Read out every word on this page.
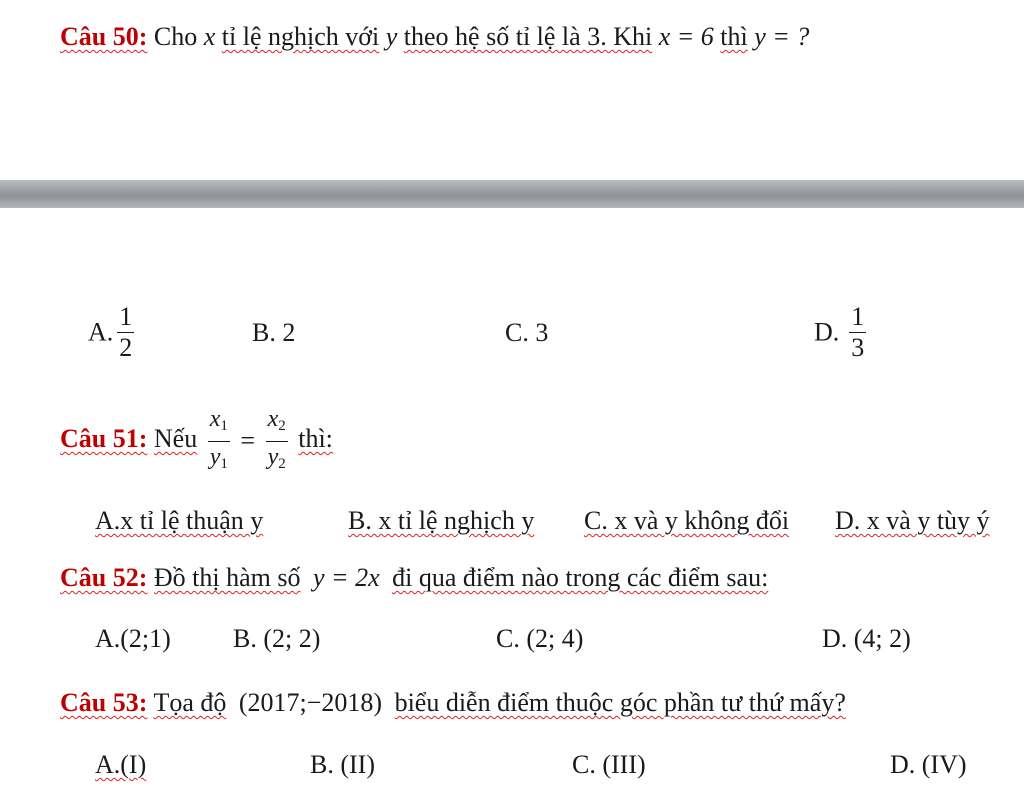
Câu 50: Cho x tỉ lệ nghịch với y theo hệ số tỉ lệ là 3. Khi x = 6 thì y = ?
A. $\frac{1}{2}$	B. 2	C. 3	D. $\frac{1}{3}$
Câu 51: Nếu $\frac{x_1}{y_1} = \frac{x_2}{y_2}$ thì:
A.x tỉ lệ thuận y	B. x tỉ lệ nghịch y C. x và y không đổi D. x và y tùy ý
Câu 52: Đồ thị hàm số y = 2x đi qua điểm nào trong các điểm sau:
A.(2;1) B. (2; 2)	C. (2; 4)	D. (4; 2)
Câu 53: Tọa độ (2017;−2018) biểu diễn điểm thuộc góc phần tư thứ mấy?
A.(I)	B. (II)	C. (III)	D. (IV)
